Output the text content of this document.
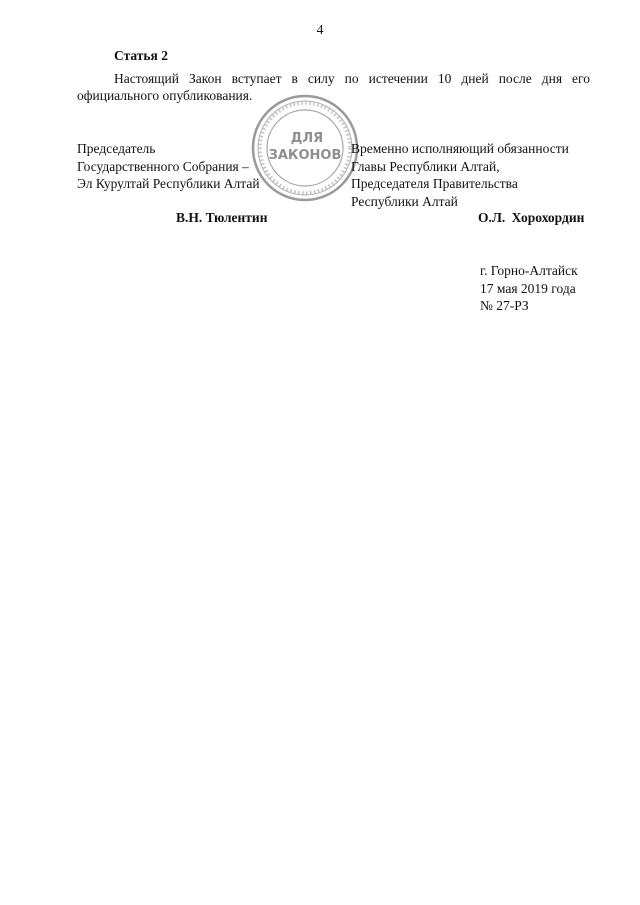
4
Статья 2
Настоящий Закон вступает в силу по истечении 10 дней после дня его официального опубликования.
ДЛЯ
ЗАКОНОВ
Председатель
Государственного Собрания –
Эл Курултай Республики Алтай
Временно исполняющий обязанности
Главы Республики Алтай,
Председателя Правительства
Республики Алтай
В.Н. Тюлентин	О.Л. Хорохордин
г. Горно-Алтайск
17 мая 2019 года
№ 27-РЗ
